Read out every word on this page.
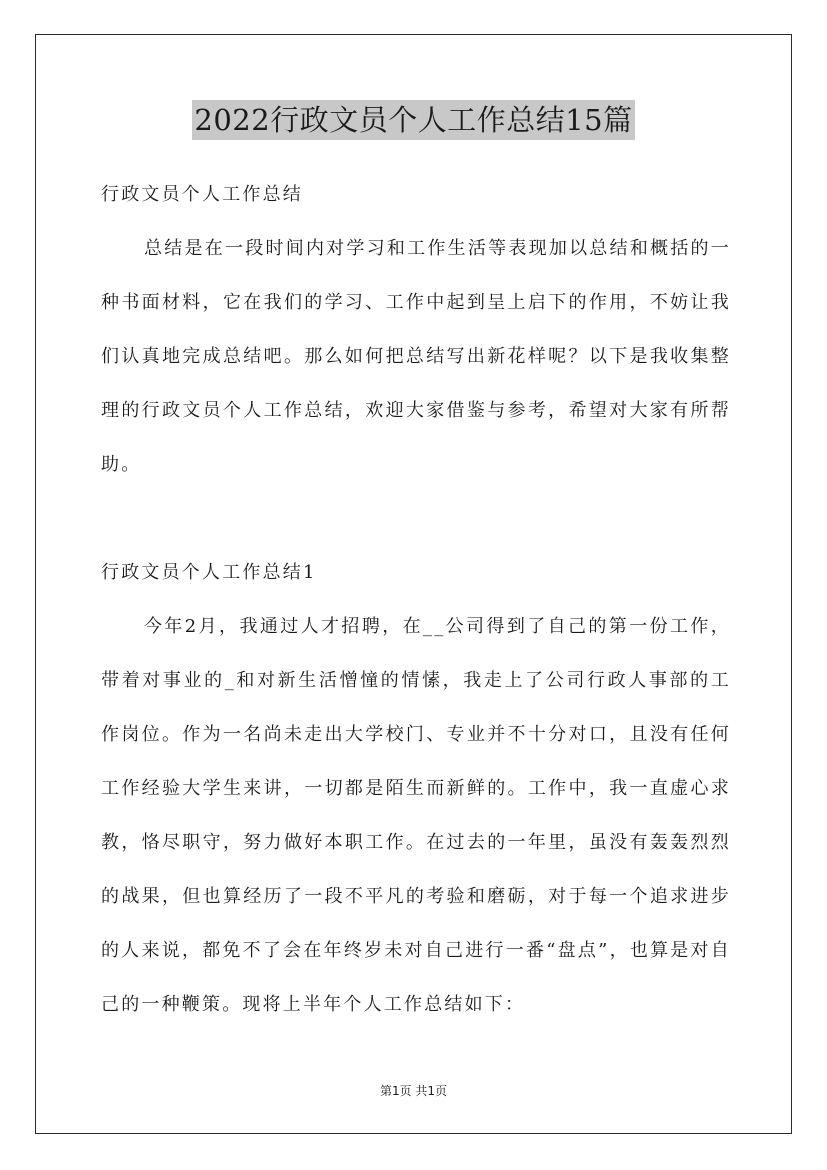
2022行政文员个人工作总结15篇

行政文员个人工作总结

总结是在一段时间内对学习和工作生活等表现加以总结和概括的一种书面材料，它在我们的学习、工作中起到呈上启下的作用，不妨让我们认真地完成总结吧。那么如何把总结写出新花样呢？以下是我收集整理的行政文员个人工作总结，欢迎大家借鉴与参考，希望对大家有所帮助。

行政文员个人工作总结1

今年2月，我通过人才招聘，在__公司得到了自己的第一份工作，带着对事业的_和对新生活憎憧的情愫，我走上了公司行政人事部的工作岗位。作为一名尚未走出大学校门、专业并不十分对口，且没有任何工作经验大学生来讲，一切都是陌生而新鲜的。工作中，我一直虚心求教，恪尽职守，努力做好本职工作。在过去的一年里，虽没有轰轰烈烈的战果，但也算经历了一段不平凡的考验和磨砺，对于每一个追求进步的人来说，都免不了会在年终岁未对自己进行一番“盘点”，也算是对自己的一种鞭策。现将上半年个人工作总结如下：

第1页 共1页
